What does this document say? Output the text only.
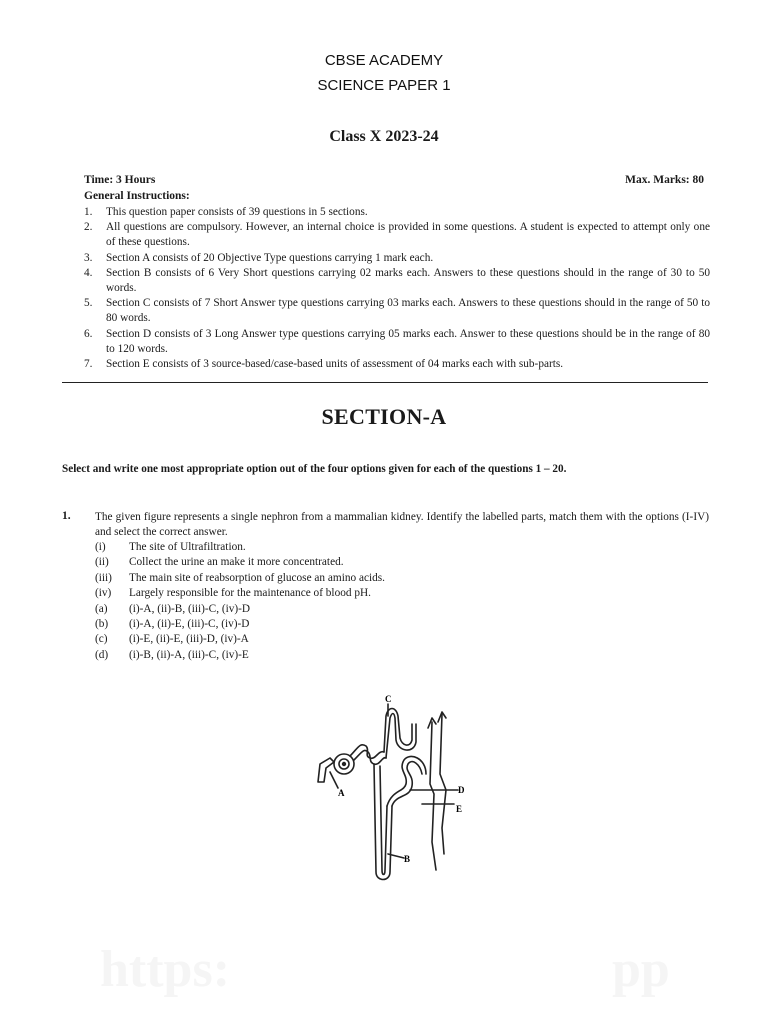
CBSE ACADEMY
SCIENCE PAPER 1
Class X 2023-24
Time: 3 Hours	Max. Marks: 80
General Instructions:
1.	This question paper consists of 39 questions in 5 sections.
2.	All questions are compulsory. However, an internal choice is provided in some questions. A student is expected to attempt only one of these questions.
3.	Section A consists of 20 Objective Type questions carrying 1 mark each.
4.	Section B consists of 6 Very Short questions carrying 02 marks each. Answers to these questions should in the range of 30 to 50 words.
5.	Section C consists of 7 Short Answer type questions carrying 03 marks each. Answers to these questions should in the range of 50 to 80 words.
6.	Section D consists of 3 Long Answer type questions carrying 05 marks each. Answer to these questions should be in the range of 80 to 120 words.
7.	Section E consists of 3 source-based/case-based units of assessment of 04 marks each with sub-parts.
SECTION-A
Select and write one most appropriate option out of the four options given for each of the questions 1 – 20.
1. The given figure represents a single nephron from a mammalian kidney. Identify the labelled parts, match them with the options (I-IV) and select the correct answer.
(i)	The site of Ultrafiltration.
(ii)	Collect the urine an make it more concentrated.
(iii)	The main site of reabsorption of glucose an amino acids.
(iv)	Largely responsible for the maintenance of blood pH.
(a)	(i)-A, (ii)-B, (iii)-C, (iv)-D
(b)	(i)-A, (ii)-E, (iii)-C, (iv)-D
(c)	(i)-E, (ii)-E, (iii)-D, (iv)-A
(d)	(i)-B, (ii)-A, (iii)-C, (iv)-E
C
A	D
E
B
https:	pp
